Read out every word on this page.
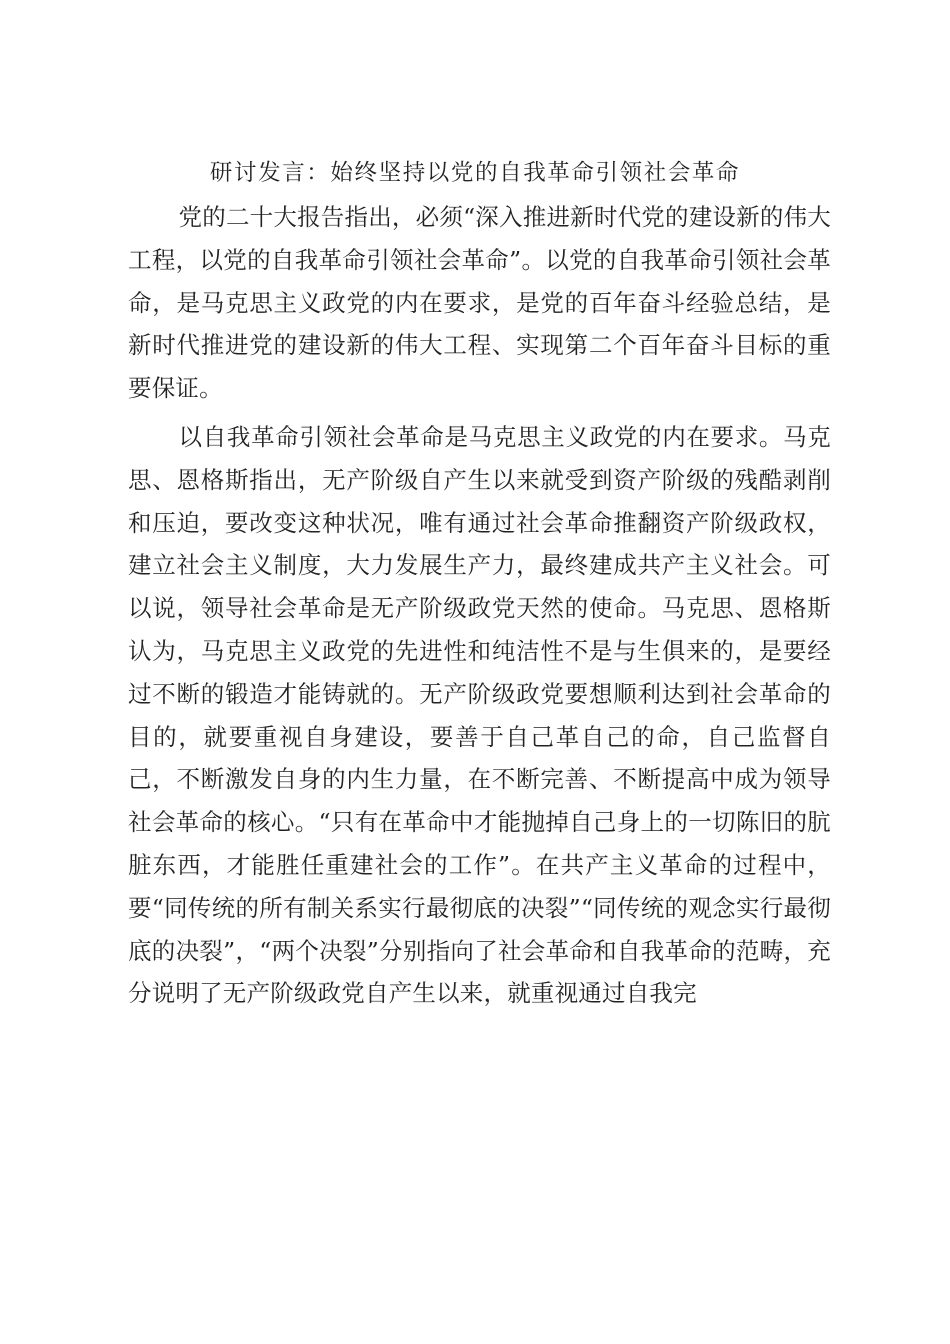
研讨发言：始终坚持以党的自我革命引领社会革命

党的二十大报告指出，必须“深入推进新时代党的建设新的伟大工程，以党的自我革命引领社会革命”。以党的自我革命引领社会革命，是马克思主义政党的内在要求，是党的百年奋斗经验总结，是新时代推进党的建设新的伟大工程、实现第二个百年奋斗目标的重要保证。

以自我革命引领社会革命是马克思主义政党的内在要求。马克思、恩格斯指出，无产阶级自产生以来就受到资产阶级的残酷剥削和压迫，要改变这种状况，唯有通过社会革命推翻资产阶级政权，建立社会主义制度，大力发展生产力，最终建成共产主义社会。可以说，领导社会革命是无产阶级政党天然的使命。马克思、恩格斯认为，马克思主义政党的先进性和纯洁性不是与生俱来的，是要经过不断的锻造才能铸就的。无产阶级政党要想顺利达到社会革命的目的，就要重视自身建设，要善于自己革自己的命，自己监督自己，不断激发自身的内生力量，在不断完善、不断提高中成为领导社会革命的核心。“只有在革命中才能抛掉自己身上的一切陈旧的肮脏东西，才能胜任重建社会的工作”。在共产主义革命的过程中，要“同传统的所有制关系实行最彻底的决裂”“同传统的观念实行最彻底的决裂”，“两个决裂”分别指向了社会革命和自我革命的范畴，充分说明了无产阶级政党自产生以来，就重视通过自我完
